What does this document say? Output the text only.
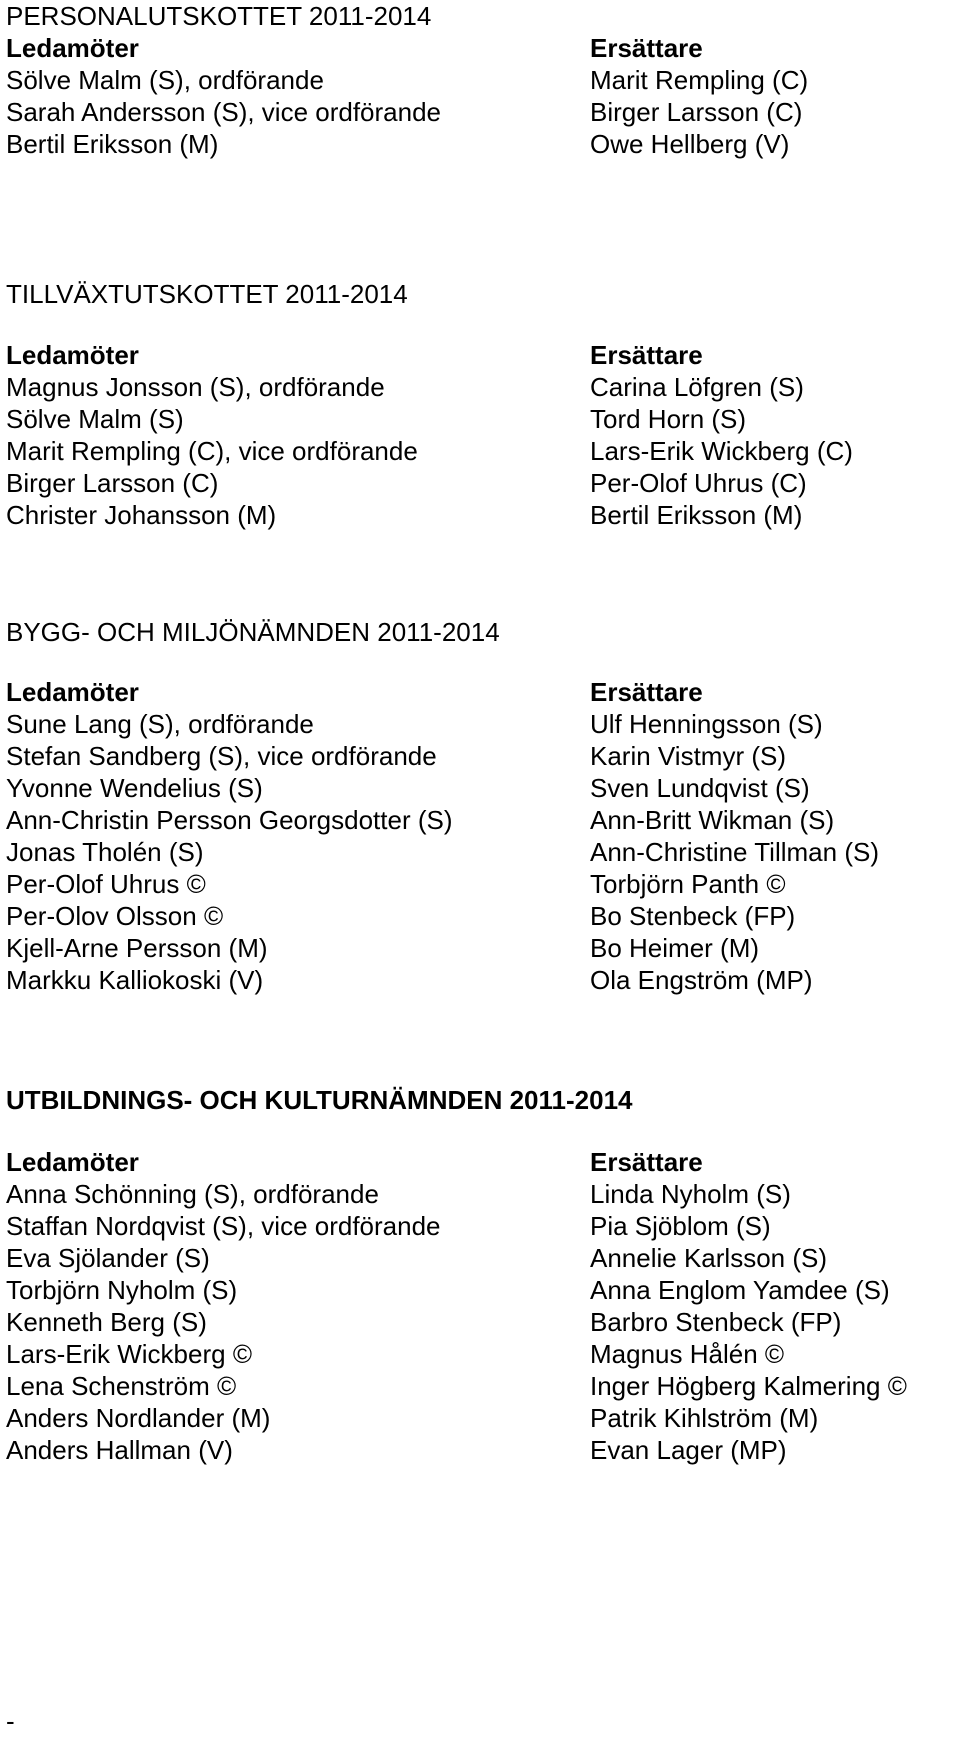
PERSONALUTSKOTTET 2011-2014
Ledamöter
Sölve Malm (S), ordförande
Sarah Andersson (S), vice ordförande
Bertil Eriksson (M)
Ersättare
Marit Rempling (C)
Birger Larsson (C)
Owe Hellberg (V)
TILLVÄXTUTSKOTTET 2011-2014
Ledamöter
Magnus Jonsson (S), ordförande
Sölve Malm (S)
Marit Rempling (C), vice ordförande
Birger Larsson (C)
Christer Johansson (M)
Ersättare
Carina Löfgren (S)
Tord Horn (S)
Lars-Erik Wickberg (C)
Per-Olof Uhrus (C)
Bertil Eriksson (M)
BYGG- OCH MILJÖNÄMNDEN 2011-2014
Ledamöter
Sune Lang (S), ordförande
Stefan Sandberg (S), vice ordförande
Yvonne Wendelius (S)
Ann-Christin Persson Georgsdotter (S)
Jonas Tholén (S)
Per-Olof Uhrus ©
Per-Olov Olsson ©
Kjell-Arne Persson (M)
Markku Kalliokoski (V)
Ersättare
Ulf Henningsson (S)
Karin Vistmyr (S)
Sven Lundqvist (S)
Ann-Britt Wikman (S)
Ann-Christine Tillman (S)
Torbjörn Panth ©
Bo Stenbeck (FP)
Bo Heimer (M)
Ola Engström (MP)
UTBILDNINGS- OCH KULTURNÄMNDEN 2011-2014
Ledamöter
Anna Schönning (S), ordförande
Staffan Nordqvist (S), vice ordförande
Eva Sjölander (S)
Torbjörn Nyholm (S)
Kenneth Berg (S)
Lars-Erik Wickberg ©
Lena Schenström ©
Anders Nordlander (M)
Anders Hallman (V)
Ersättare
Linda Nyholm (S)
Pia Sjöblom (S)
Annelie Karlsson (S)
Anna Englom Yamdee (S)
Barbro Stenbeck (FP)
Magnus Hålén ©
Inger Högberg Kalmering ©
Patrik Kihlström (M)
Evan Lager (MP)
-
